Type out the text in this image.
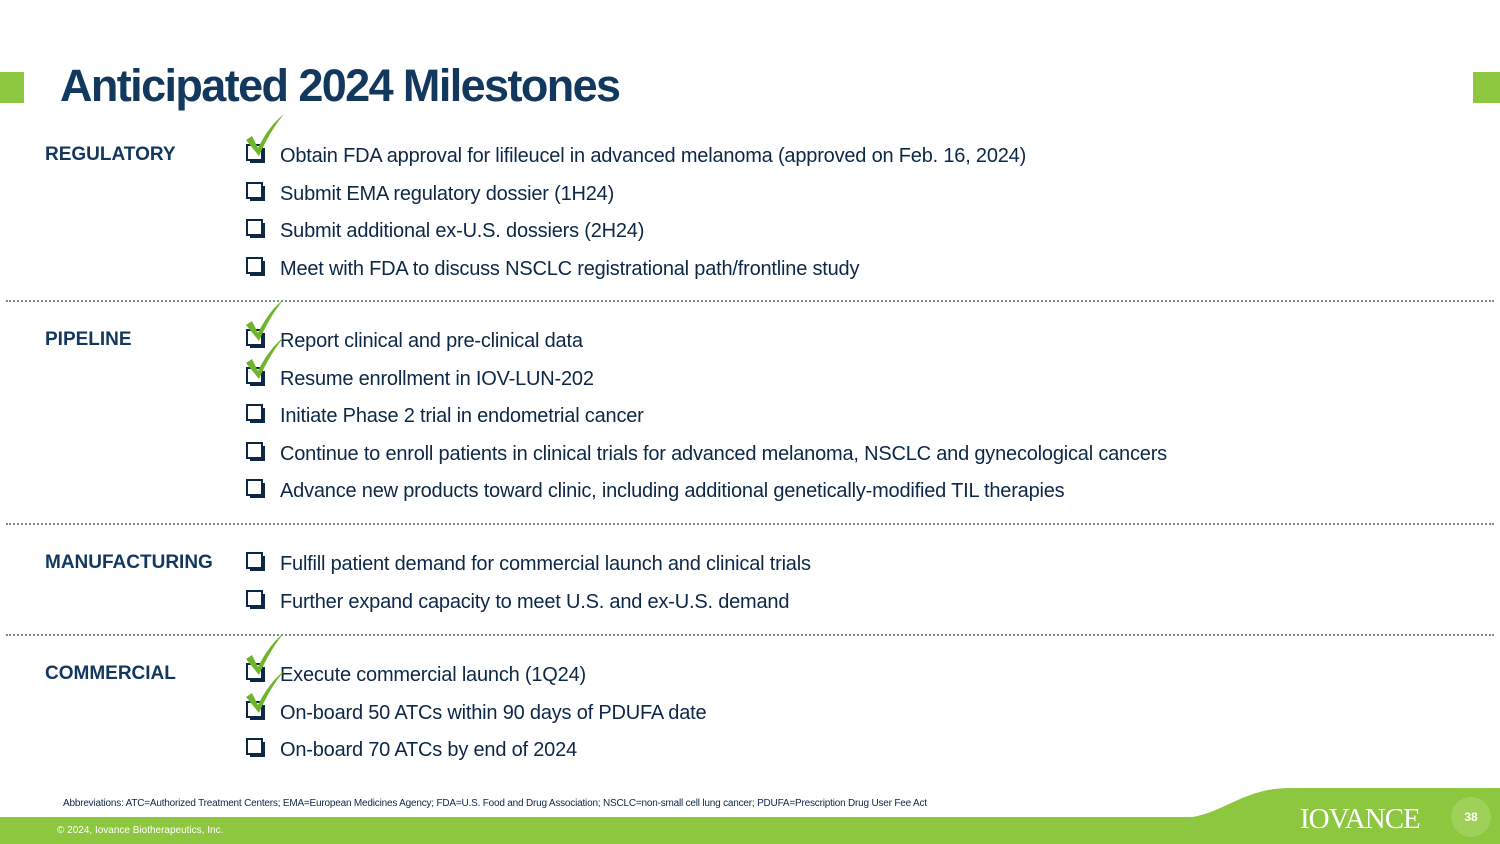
Anticipated 2024 Milestones
REGULATORY	Obtain FDA approval for lifileucel in advanced melanoma (approved on Feb. 16, 2024)
Submit EMA regulatory dossier (1H24)
Submit additional ex-U.S. dossiers (2H24)
Meet with FDA to discuss NSCLC registrational path/frontline study
PIPELINE	Report clinical and pre-clinical data
Resume enrollment in IOV-LUN-202
Initiate Phase 2 trial in endometrial cancer
Continue to enroll patients in clinical trials for advanced melanoma, NSCLC and gynecological cancers
Advance new products toward clinic, including additional genetically-modified TIL therapies
MANUFACTURING	Fulfill patient demand for commercial launch and clinical trials
Further expand capacity to meet U.S. and ex-U.S. demand
COMMERCIAL	Execute commercial launch (1Q24)
On-board 50 ATCs within 90 days of PDUFA date
On-board 70 ATCs by end of 2024
Abbreviations: ATC=Authorized Treatment Centers; EMA=European Medicines Agency; FDA=U.S. Food and Drug Association; NSCLC=non-small cell lung cancer; PDUFA=Prescription Drug User Fee Act
© 2024, Iovance Biotherapeutics, Inc.	IOVANCE	38
